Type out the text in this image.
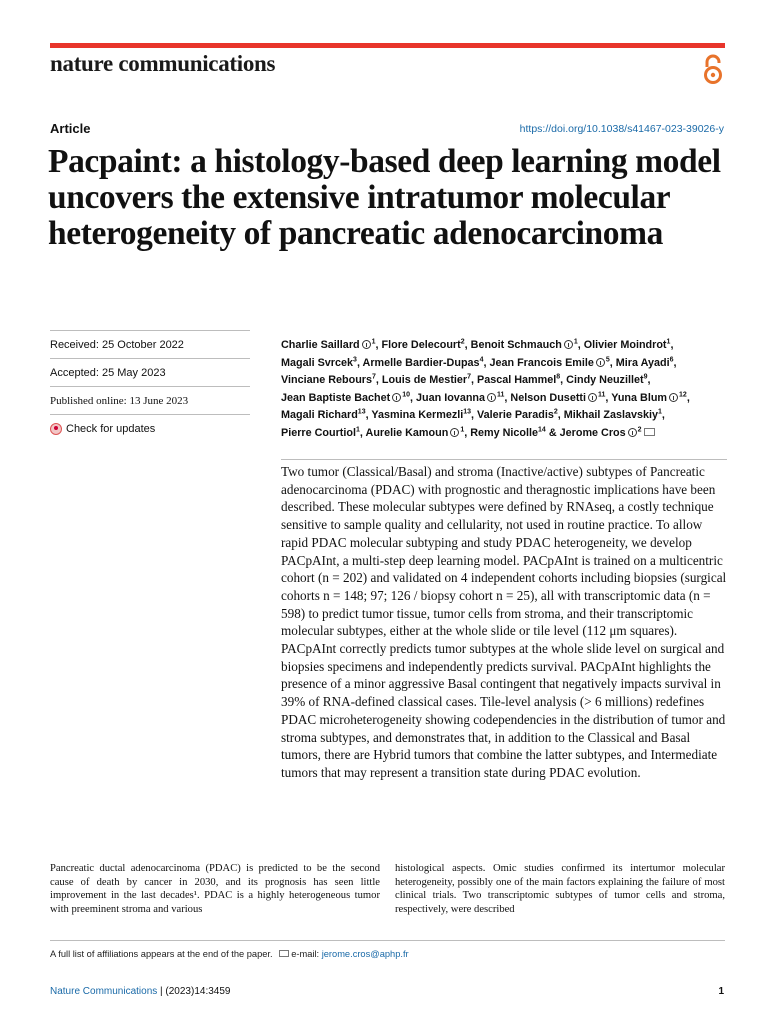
nature communications
Article	https://doi.org/10.1038/s41467-023-39026-y
Pacpaint: a histology-based deep learning model uncovers the extensive intratumor molecular heterogeneity of pancreatic adenocarcinoma
Received: 25 October 2022
Accepted: 25 May 2023
Published online: 13 June 2023
Check for updates
Charlie Saillard $^1$, Flore Delecourt$^2$, Benoit Schmauch $^1$, Olivier Moindrot$^1$, Magali Svrcek$^3$, Armelle Bardier-Dupas$^4$, Jean Francois Emile $^5$, Mira Ayadi$^6$, Vinciane Rebours$^7$, Louis de Mestier$^7$, Pascal Hammel$^8$, Cindy Neuzillet$^9$, Jean Baptiste Bachet $^{10}$, Juan Iovanna $^{11}$, Nelson Dusetti $^{11}$, Yuna Blum $^{12}$, Magali Richard$^{13}$, Yasmina Kermezli$^{13}$, Valerie Paradis$^2$, Mikhail Zaslavskiy$^1$, Pierre Courtiol$^1$, Aurelie Kamoun $^1$, Remy Nicolle$^{14}$ & Jerome Cros $^2$

Two tumor (Classical/Basal) and stroma (Inactive/active) subtypes of Pancreatic adenocarcinoma (PDAC) with prognostic and theragnostic implications have been described. These molecular subtypes were defined by RNAseq, a costly technique sensitive to sample quality and cellularity, not used in routine practice. To allow rapid PDAC molecular subtyping and study PDAC heterogeneity, we develop PACpAInt, a multi-step deep learning model. PACpAInt is trained on a multicentric cohort (n = 202) and validated on 4 independent cohorts including biopsies (surgical cohorts n = 148; 97; 126 / biopsy cohort n = 25), all with transcriptomic data (n = 598) to predict tumor tissue, tumor cells from stroma, and their transcriptomic molecular subtypes, either at the whole slide or tile level (112 μm squares). PACpAInt correctly predicts tumor subtypes at the whole slide level on surgical and biopsies specimens and independently predicts survival. PACpAInt highlights the presence of a minor aggressive Basal contingent that negatively impacts survival in 39% of RNA-defined classical cases. Tile-level analysis (> 6 millions) redefines PDAC microheterogeneity showing codependencies in the distribution of tumor and stroma subtypes, and demonstrates that, in addition to the Classical and Basal tumors, there are Hybrid tumors that combine the latter subtypes, and Intermediate tumors that may represent a transition state during PDAC evolution.

Pancreatic ductal adenocarcinoma (PDAC) is predicted to be the second cause of death by cancer in 2030, and its prognosis has seen little improvement in the last decades¹. PDAC is a highly heterogeneous tumor with preeminent stroma and various

histological aspects. Omic studies confirmed its intertumor molecular heterogeneity, possibly one of the main factors explaining the failure of most clinical trials. Two transcriptomic subtypes of tumor cells and stroma, respectively, were described

A full list of affiliations appears at the end of the paper. e-mail: jerome.cros@aphp.fr
Nature Communications | (2023)14:3459	1
